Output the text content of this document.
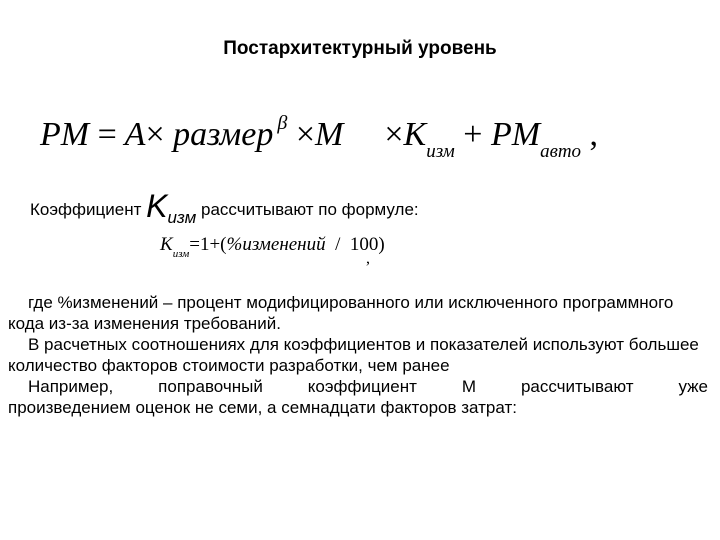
Постархитектурный уровень
PM = A× размер $^\beta \times M \times K_{изм} + PM_{авто}$ ,
Коэффициент $K_{изм}$ рассчитывают по формуле:
$K_{изм}=1+(\%изменений / 100)$
,

где %изменений – процент модифицированного или исключенного программного кода из-за изменения требований.

В расчетных соотношениях для коэффициентов и показателей используют большее количество факторов стоимости разработки, чем ранее

Например,	поправочный	коэффициент	M	рассчитывают	уже

произведением оценок не семи, а семнадцати факторов затрат:
